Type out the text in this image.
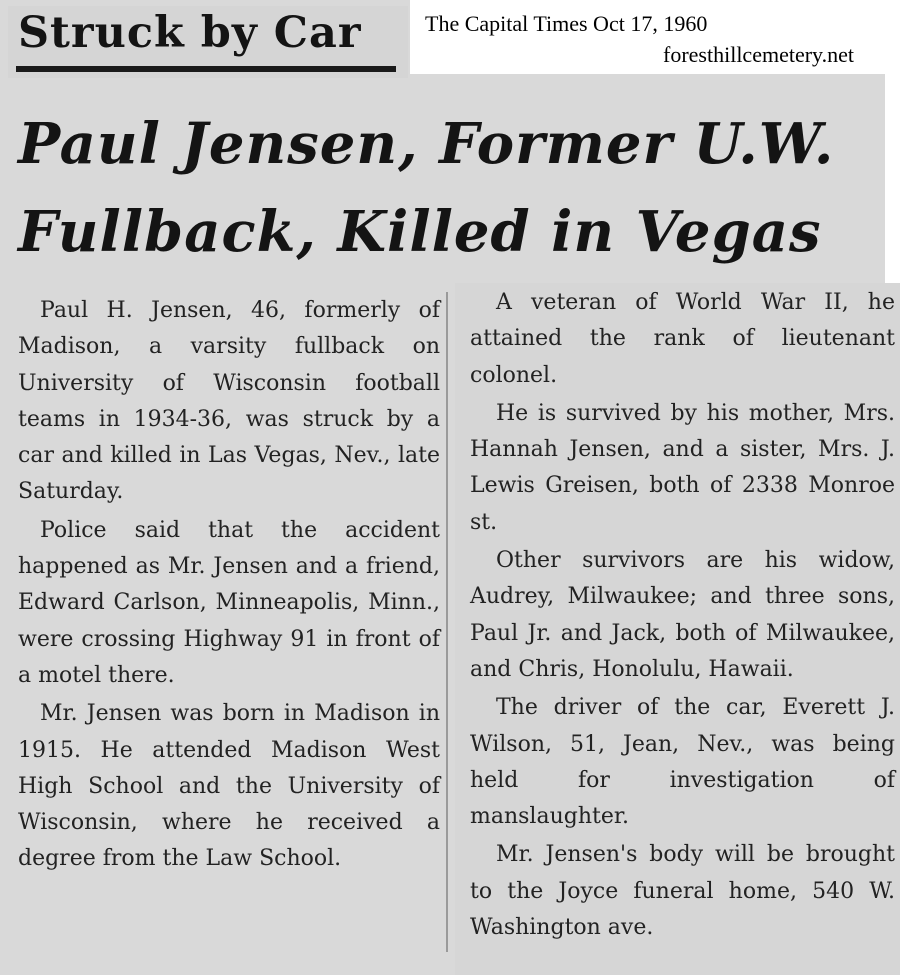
Struck by Car	The Capital Times Oct 17, 1960
foresthillcemetery.net
Paul Jensen, Former U.W.
Fullback, Killed in Vegas

Paul H. Jensen, 46, formerly of Madison, a varsity fullback on University of Wisconsin football teams in 1934-36, was struck by a car and killed in Las Vegas, Nev., late Saturday.

Police said that the accident happened as Mr. Jensen and a friend, Edward Carlson, Minneapolis, Minn., were crossing Highway 91 in front of a motel there.

Mr. Jensen was born in Madison in 1915. He attended Madison West High School and the University of Wisconsin, where he received a degree from the Law School.

A veteran of World War II, he attained the rank of lieutenant colonel.

He is survived by his mother, Mrs. Hannah Jensen, and a sister, Mrs. J. Lewis Greisen, both of 2338 Monroe st.

Other survivors are his widow, Audrey, Milwaukee; and three sons, Paul Jr. and Jack, both of Milwaukee, and Chris, Honolulu, Hawaii.

The driver of the car, Everett J. Wilson, 51, Jean, Nev., was being held for investigation of manslaughter.

Mr. Jensen's body will be brought to the Joyce funeral home, 540 W. Washington ave.
